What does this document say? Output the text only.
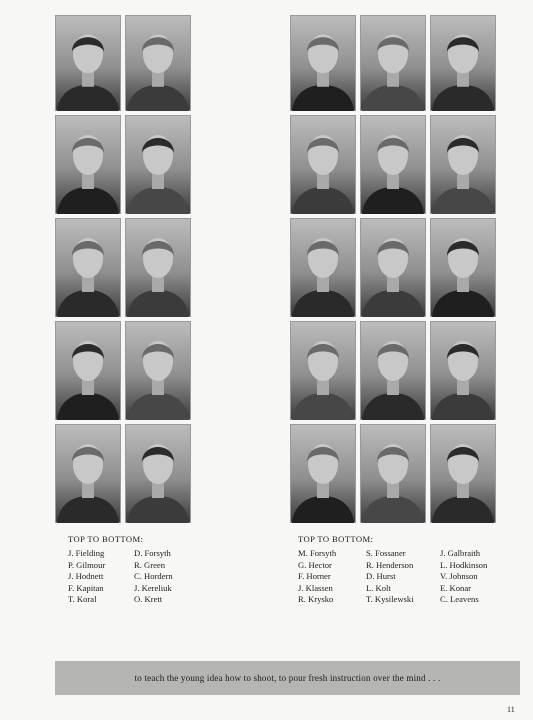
TOP TO BOTTOM:
J. Fielding
P. Gilmour
J. Hodnett
F. Kapitan
T. Koral
D. Forsyth
R. Green
C. Hordern
J. Kereliuk
O. Krett
TOP TO BOTTOM:
M. Forsyth
G. Hector
F. Horner
J. Klassen
R. Krysko
S. Fossaner
R. Henderson
D. Hurst
L. Kolt
T. Kysilewski
J. Galbraith
L. Hodkinson
V. Johnson
E. Konar
C. Leavens
to teach the young idea how to shoot, to pour fresh instruction over the mind . . .
11
